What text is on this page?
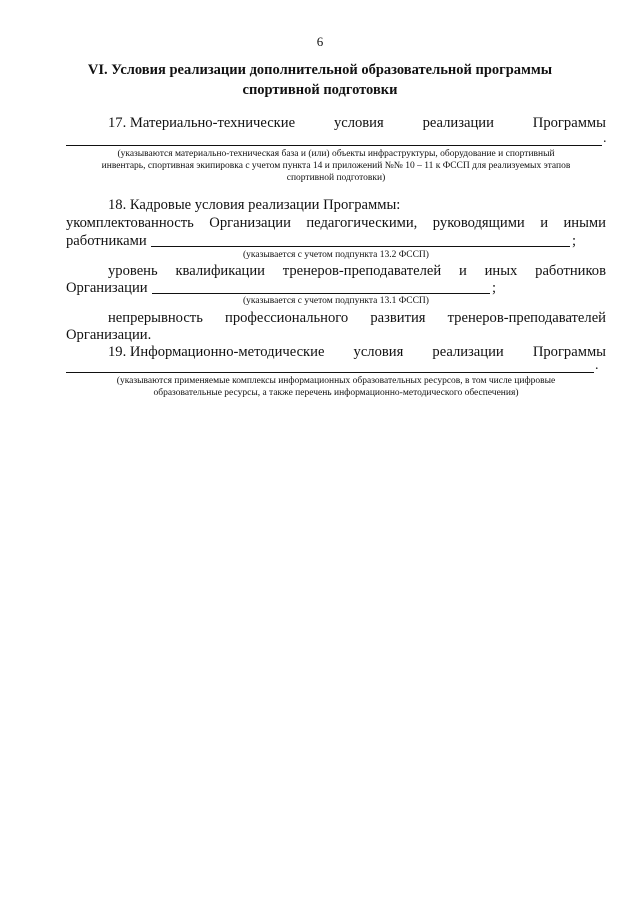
6
VI. Условия реализации дополнительной образовательной программы
спортивной подготовки
17. Материально-технические	условия	реализации	Программы
.
(указываются материально-техническая база и (или) объекты инфраструктуры, оборудование и спортивный
инвентарь, спортивная экипировка с учетом пункта 14 и приложений №№ 10 – 11 к ФССП для реализуемых этапов
спортивной подготовки)
18. Кадровые условия реализации Программы:
укомплектованность Организации педагогическими, руководящими и иными
работниками	;
(указывается с учетом подпункта 13.2 ФССП)
уровень квалификации тренеров-преподавателей и иных работников
Организации	;
(указывается с учетом подпункта 13.1 ФССП)
непрерывность профессионального развития тренеров-преподавателей
Организации.
19. Информационно-методические условия реализации Программы
.
(указываются применяемые комплексы информационных образовательных ресурсов, в том числе цифровые
образовательные ресурсы, а также перечень информационно-методического обеспечения)
